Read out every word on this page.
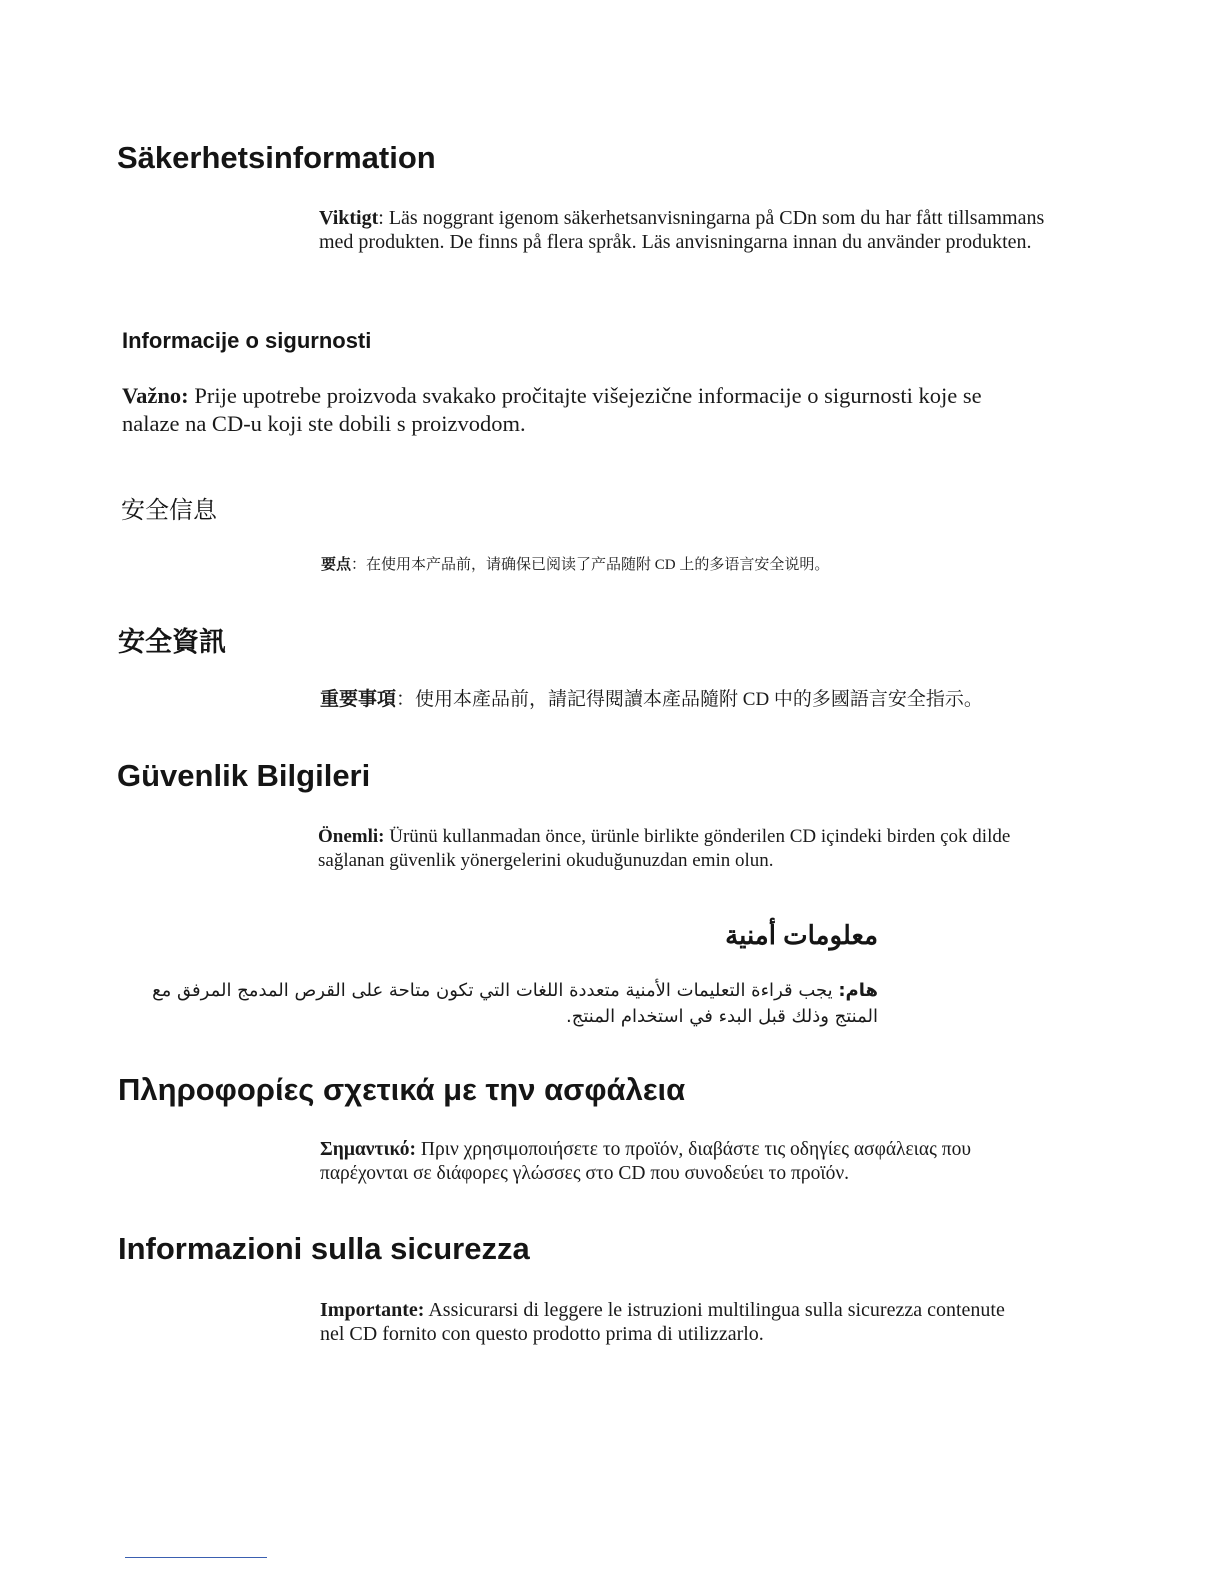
Säkerhetsinformation
Viktigt: Läs noggrant igenom säkerhetsanvisningarna på CDn som du har fått tillsammans med produkten. De finns på flera språk. Läs anvisningarna innan du använder produkten.
Informacije o sigurnosti
Važno: Prije upotrebe proizvoda svakako pročitajte višejezične informacije o sigurnosti koje se nalaze na CD-u koji ste dobili s proizvodom.
安全信息
要点：在使用本产品前，请确保已阅读了产品随附 CD 上的多语言安全说明。
安全資訊
重要事項：使用本產品前，請記得閱讀本產品隨附 CD 中的多國語言安全指示。
Güvenlik Bilgileri
Önemli: Ürünü kullanmadan önce, ürünle birlikte gönderilen CD içindeki birden çok dilde sağlanan güvenlik yönergelerini okuduğunuzdan emin olun.
معلومات أمنية
هام: يجب قراءة التعليمات الأمنية متعددة اللغات التي تكون متاحة على القرص المدمج المرفق مع المنتج وذلك قبل البدء في استخدام المنتج.
Πληροφορίες σχετικά με την ασφάλεια
Σημαντικό: Πριν χρησιμοποιήσετε το προϊόν, διαβάστε τις οδηγίες ασφάλειας που παρέχονται σε διάφορες γλώσσες στο CD που συνοδεύει το προϊόν.
Informazioni sulla sicurezza
Importante: Assicurarsi di leggere le istruzioni multilingua sulla sicurezza contenute nel CD fornito con questo prodotto prima di utilizzarlo.
